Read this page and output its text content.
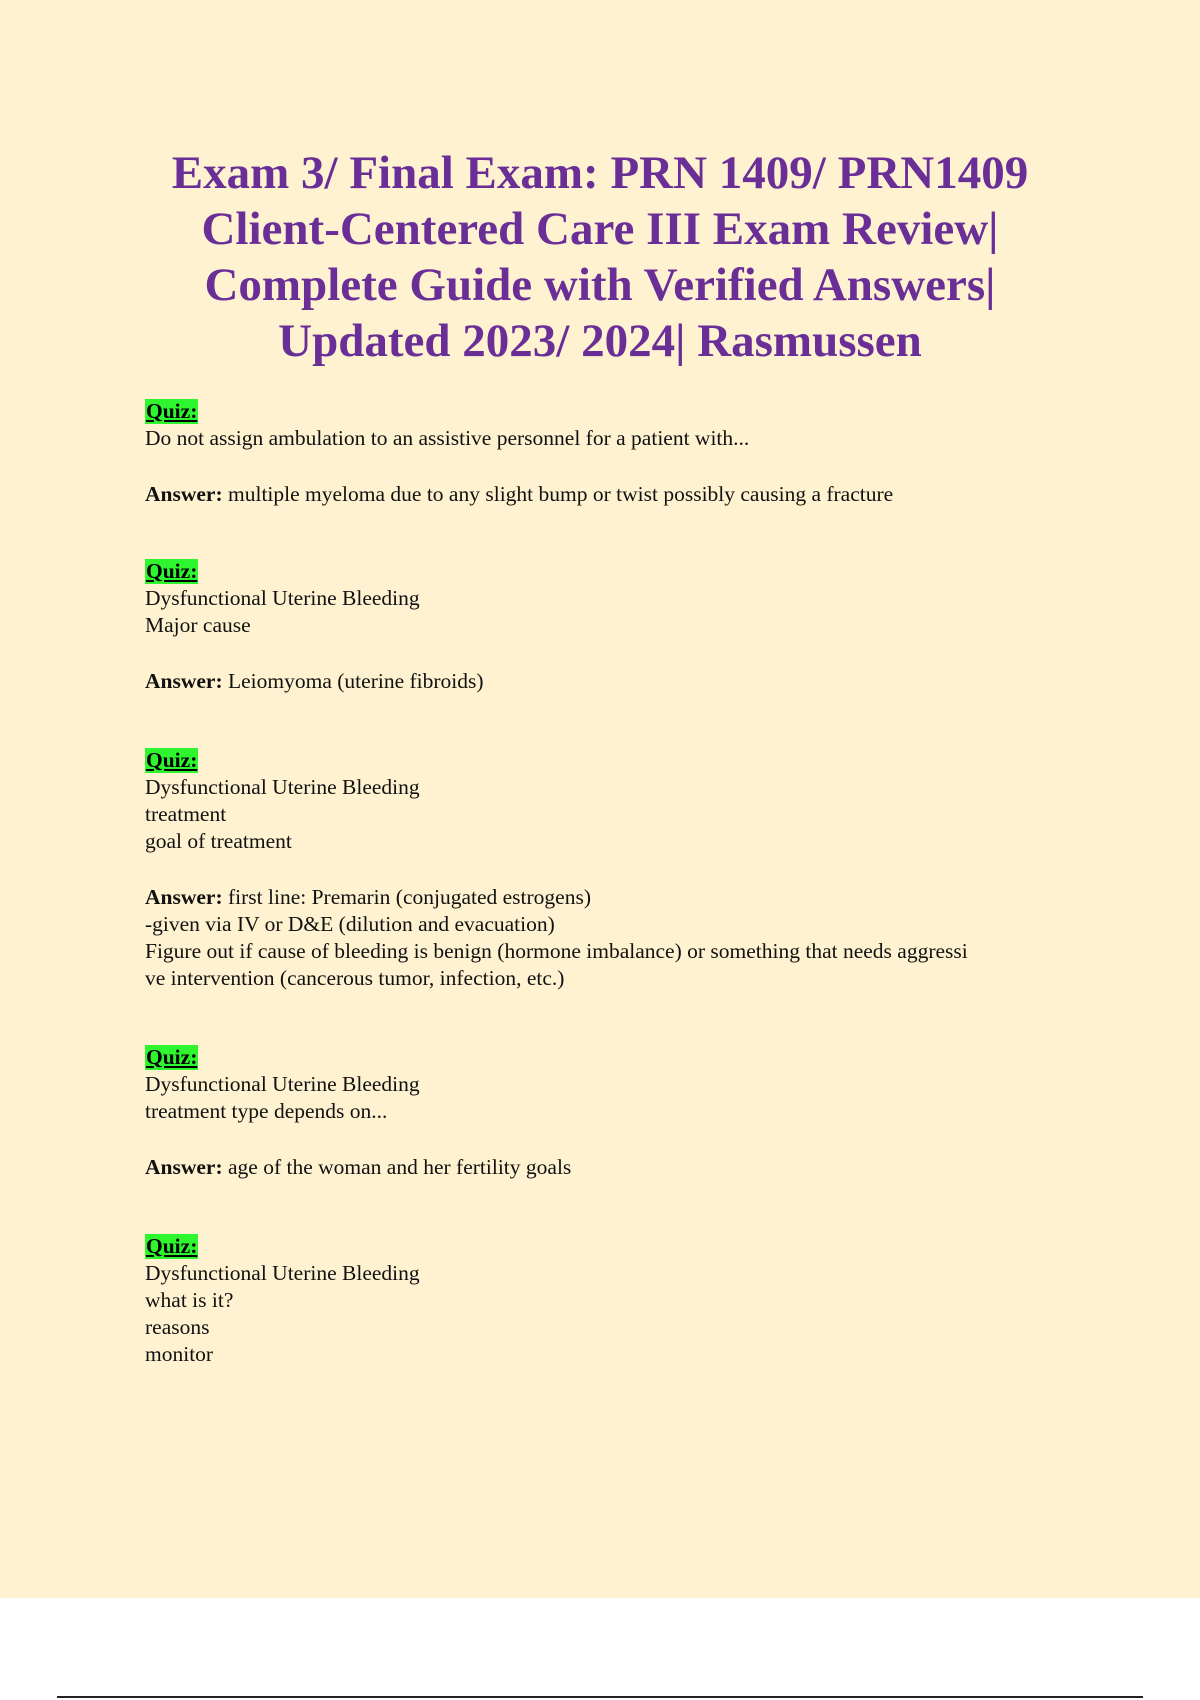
Exam 3/ Final Exam: PRN 1409/ PRN1409
Client-Centered Care III Exam Review|
Complete Guide with Verified Answers|
Updated 2023/ 2024| Rasmussen
Quiz:
Do not assign ambulation to an assistive personnel for a patient with...
Answer: multiple myeloma due to any slight bump or twist possibly causing a fracture
Quiz:
Dysfunctional Uterine Bleeding
Major cause
Answer: Leiomyoma (uterine fibroids)
Quiz:
Dysfunctional Uterine Bleeding
treatment
goal of treatment
Answer: first line: Premarin (conjugated estrogens)
-given via IV or D&E (dilution and evacuation)
Figure out if cause of bleeding is benign (hormone imbalance) or something that needs aggressi
ve intervention (cancerous tumor, infection, etc.)
Quiz:
Dysfunctional Uterine Bleeding
treatment type depends on...
Answer: age of the woman and her fertility goals
Quiz:
Dysfunctional Uterine Bleeding
what is it?
reasons
monitor
